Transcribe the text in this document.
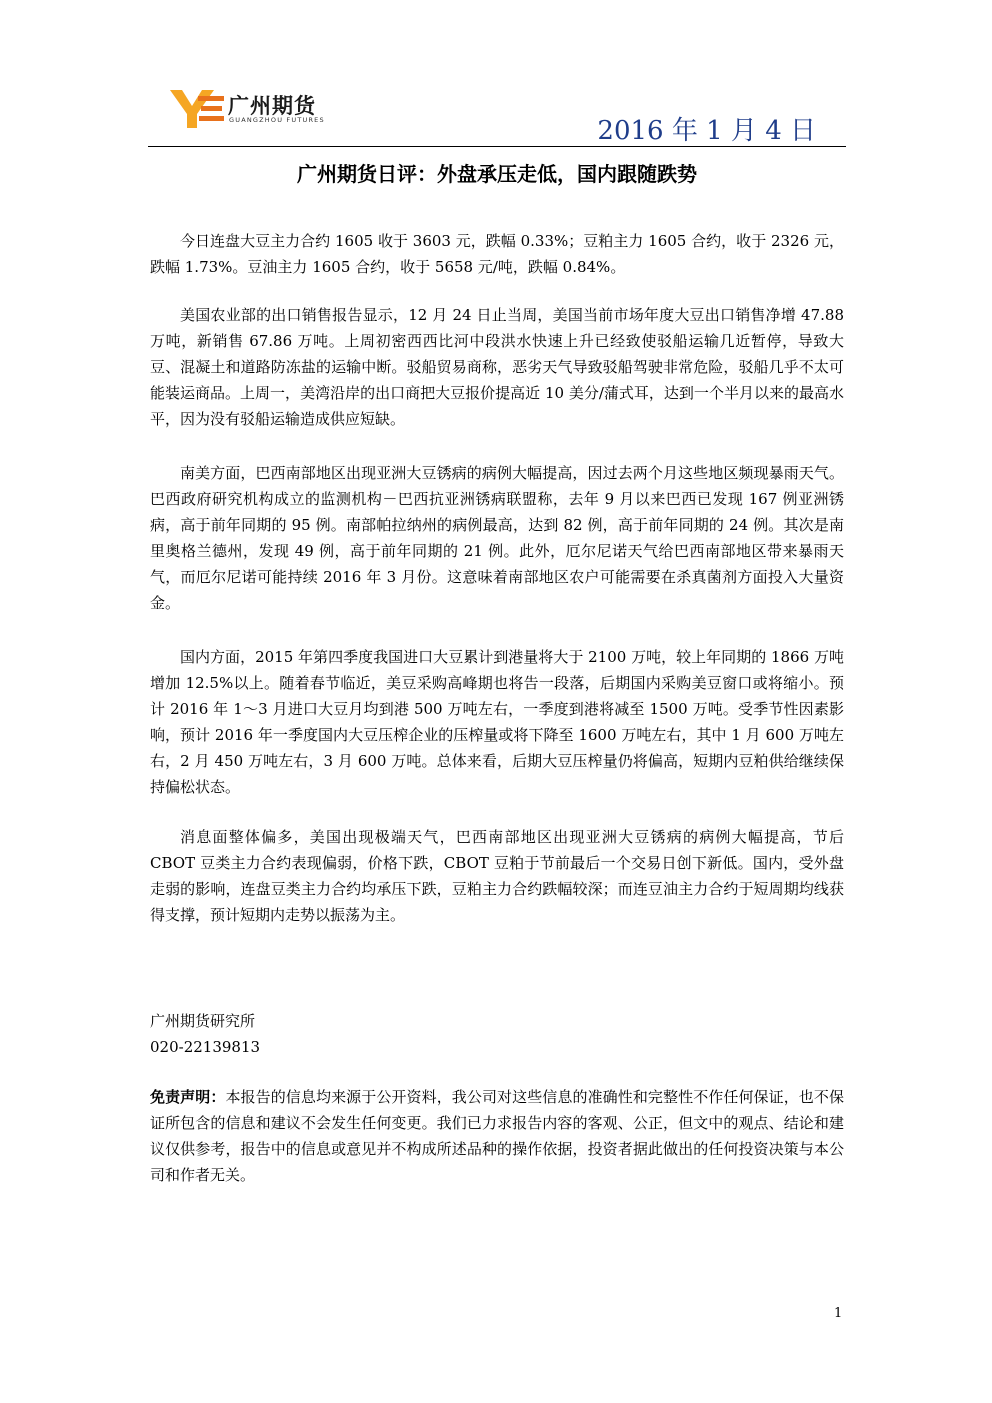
广州期货
GUANGZHOU FUTURES	2016 年 1 月 4 日
广州期货日评：外盘承压走低，国内跟随跌势

今日连盘大豆主力合约 1605 收于 3603 元，跌幅 0.33%；豆粕主力 1605 合约，收于 2326 元，跌幅 1.73%。豆油主力 1605 合约，收于 5658 元/吨，跌幅 0.84%。

美国农业部的出口销售报告显示，12 月 24 日止当周，美国当前市场年度大豆出口销售净增 47.88 万吨，新销售 67.86 万吨。上周初密西西比河中段洪水快速上升已经致使驳船运输几近暂停，导致大豆、混凝土和道路防冻盐的运输中断。驳船贸易商称，恶劣天气导致驳船驾驶非常危险，驳船几乎不太可能装运商品。上周一，美湾沿岸的出口商把大豆报价提高近 10 美分/蒲式耳，达到一个半月以来的最高水平，因为没有驳船运输造成供应短缺。

南美方面，巴西南部地区出现亚洲大豆锈病的病例大幅提高，因过去两个月这些地区频现暴雨天气。巴西政府研究机构成立的监测机构－巴西抗亚洲锈病联盟称，去年 9 月以来巴西已发现 167 例亚洲锈病，高于前年同期的 95 例。南部帕拉纳州的病例最高，达到 82 例，高于前年同期的 24 例。其次是南里奥格兰德州，发现 49 例，高于前年同期的 21 例。此外，厄尔尼诺天气给巴西南部地区带来暴雨天气，而厄尔尼诺可能持续 2016 年 3 月份。这意味着南部地区农户可能需要在杀真菌剂方面投入大量资金。

国内方面，2015 年第四季度我国进口大豆累计到港量将大于 2100 万吨，较上年同期的 1866 万吨增加 12.5%以上。随着春节临近，美豆采购高峰期也将告一段落，后期国内采购美豆窗口或将缩小。预计 2016 年 1～3 月进口大豆月均到港 500 万吨左右，一季度到港将减至 1500 万吨。受季节性因素影响，预计 2016 年一季度国内大豆压榨企业的压榨量或将下降至 1600 万吨左右，其中 1 月 600 万吨左右，2 月 450 万吨左右，3 月 600 万吨。总体来看，后期大豆压榨量仍将偏高，短期内豆粕供给继续保持偏松状态。

消息面整体偏多，美国出现极端天气，巴西南部地区出现亚洲大豆锈病的病例大幅提高，节后 CBOT 豆类主力合约表现偏弱，价格下跌，CBOT 豆粕于节前最后一个交易日创下新低。国内，受外盘走弱的影响，连盘豆类主力合约均承压下跌，豆粕主力合约跌幅较深；而连豆油主力合约于短周期均线获得支撑，预计短期内走势以振荡为主。

广州期货研究所
020-22139813

免责声明：本报告的信息均来源于公开资料，我公司对这些信息的准确性和完整性不作任何保证，也不保证所包含的信息和建议不会发生任何变更。我们已力求报告内容的客观、公正，但文中的观点、结论和建议仅供参考，报告中的信息或意见并不构成所述品种的操作依据，投资者据此做出的任何投资决策与本公司和作者无关。

1
